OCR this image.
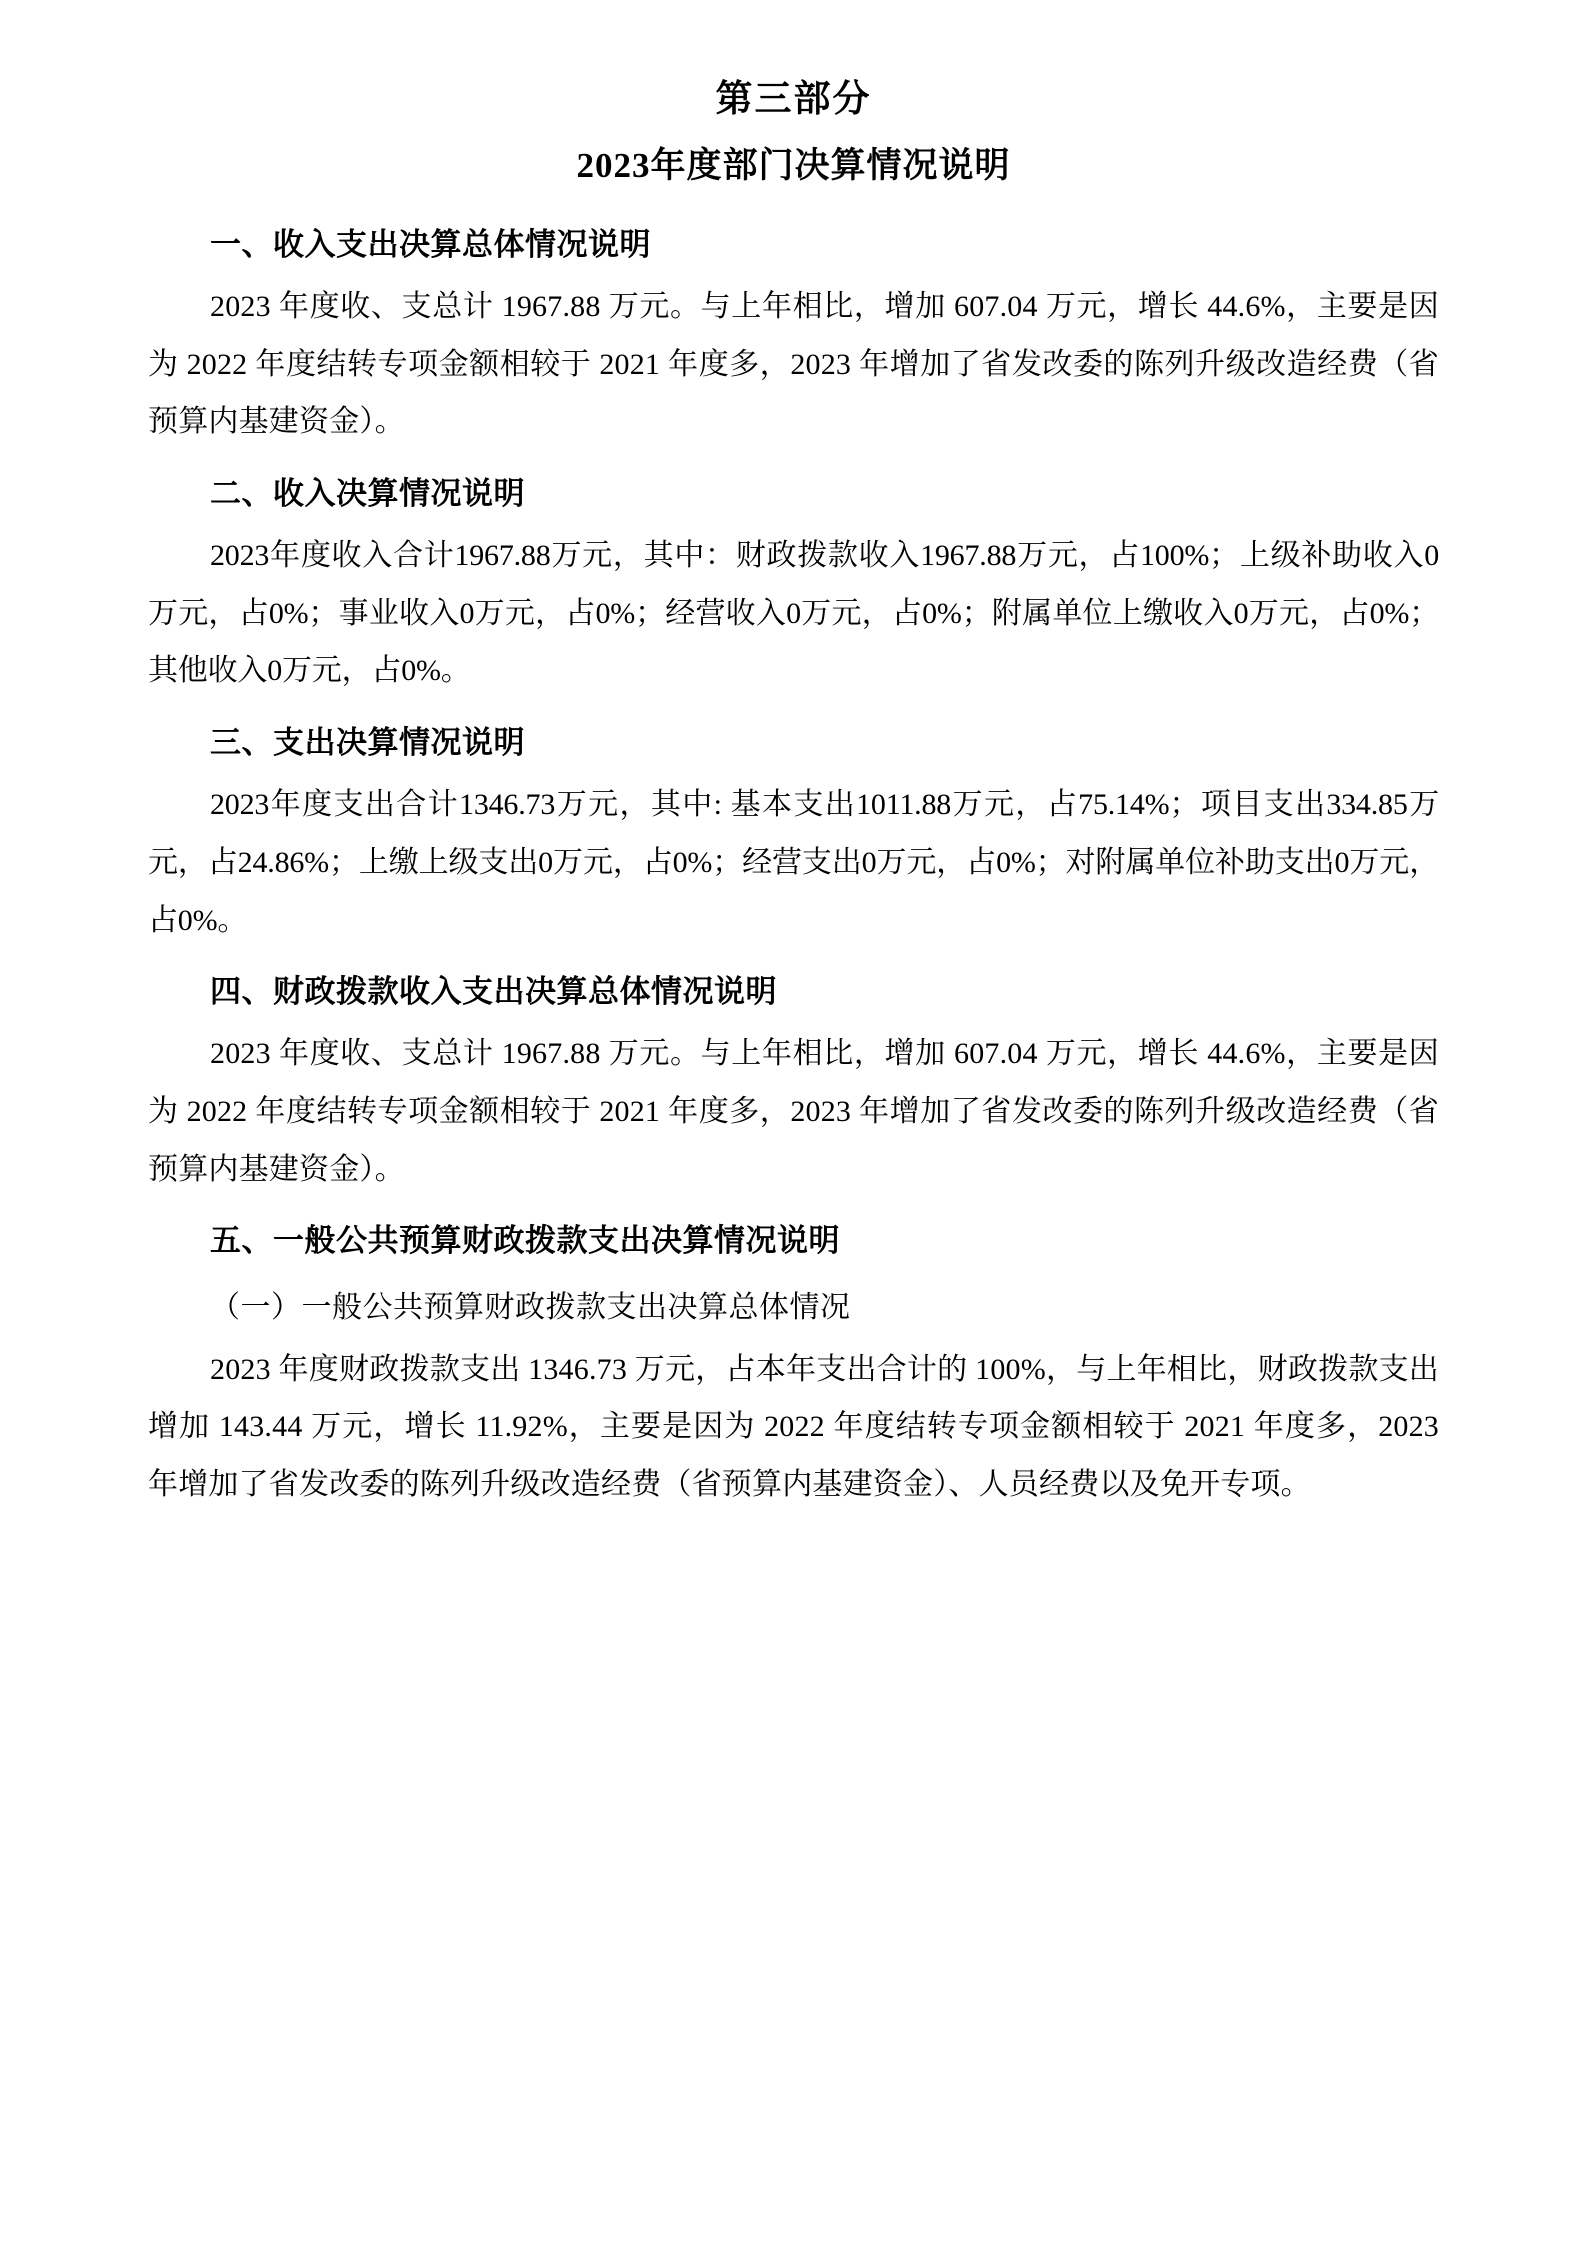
第三部分
2023年度部门决算情况说明
一、收入支出决算总体情况说明

2023 年度收、支总计 1967.88 万元。与上年相比，增加 607.04 万元，增长 44.6%，主要是因为 2022 年度结转专项金额相较于 2021 年度多，2023 年增加了省发改委的陈列升级改造经费（省预算内基建资金）。

二、收入决算情况说明

2023年度收入合计1967.88万元，其中：财政拨款收入1967.88万元，占100%；上级补助收入0万元，占0%；事业收入0万元，占0%；经营收入0万元，占0%；附属单位上缴收入0万元，占0%；其他收入0万元，占0%。

三、支出决算情况说明

2023年度支出合计1346.73万元，其中: 基本支出1011.88万元，占75.14%；项目支出334.85万元，占24.86%；上缴上级支出0万元，占0%；经营支出0万元，占0%；对附属单位补助支出0万元，占0%。

四、财政拨款收入支出决算总体情况说明

2023 年度收、支总计 1967.88 万元。与上年相比，增加 607.04 万元，增长 44.6%，主要是因为 2022 年度结转专项金额相较于 2021 年度多，2023 年增加了省发改委的陈列升级改造经费（省预算内基建资金）。

五、一般公共预算财政拨款支出决算情况说明
（一）一般公共预算财政拨款支出决算总体情况

2023 年度财政拨款支出 1346.73 万元，占本年支出合计的 100%，与上年相比，财政拨款支出增加 143.44 万元，增长 11.92%，主要是因为 2022 年度结转专项金额相较于 2021 年度多，2023 年增加了省发改委的陈列升级改造经费（省预算内基建资金）、人员经费以及免开专项。
